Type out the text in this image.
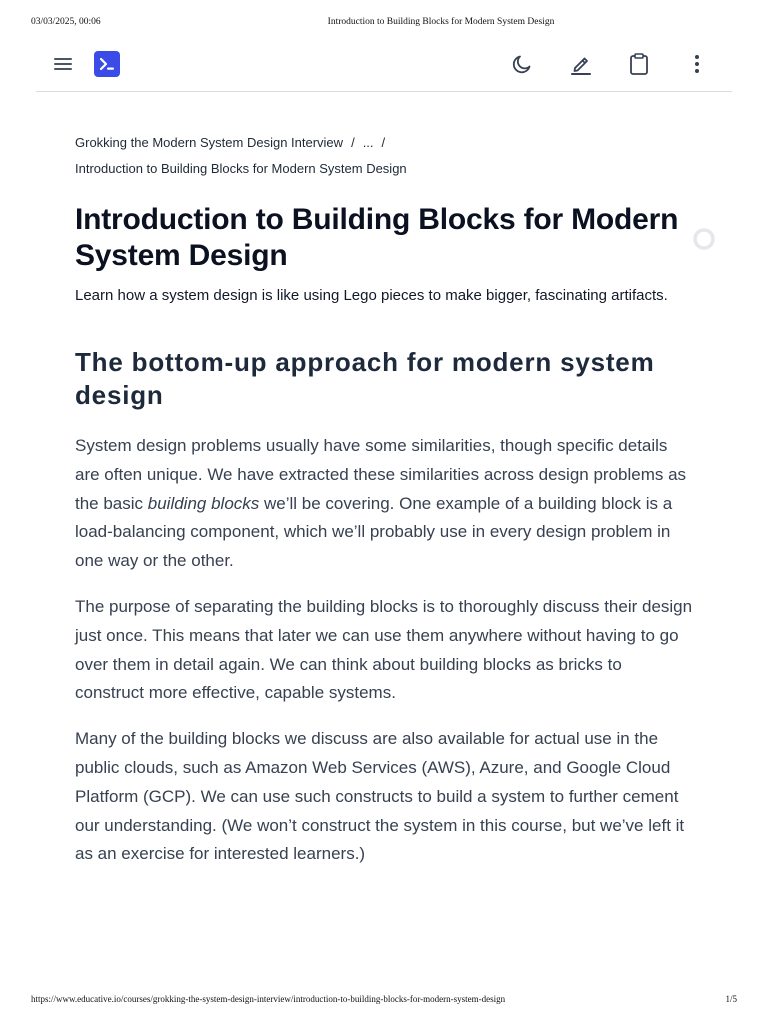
03/03/2025, 00:06	Introduction to Building Blocks for Modern System Design
Grokking the Modern System Design Interview / ... /
Introduction to Building Blocks for Modern System Design
Introduction to Building Blocks for Modern System Design

Learn how a system design is like using Lego pieces to make bigger, fascinating artifacts.

The bottom-up approach for modern system design

System design problems usually have some similarities, though specific details are often unique. We have extracted these similarities across design problems as the basic building blocks we’ll be covering. One example of a building block is a load-balancing component, which we’ll probably use in every design problem in one way or the other.

The purpose of separating the building blocks is to thoroughly discuss their design just once. This means that later we can use them anywhere without having to go over them in detail again. We can think about building blocks as bricks to construct more effective, capable systems.

Many of the building blocks we discuss are also available for actual use in the public clouds, such as Amazon Web Services (AWS), Azure, and Google Cloud Platform (GCP). We can use such constructs to build a system to further cement our understanding. (We won’t construct the system in this course, but we’ve left it as an exercise for interested learners.)

https://www.educative.io/courses/grokking-the-system-design-interview/introduction-to-building-blocks-for-modern-system-design	1/5
